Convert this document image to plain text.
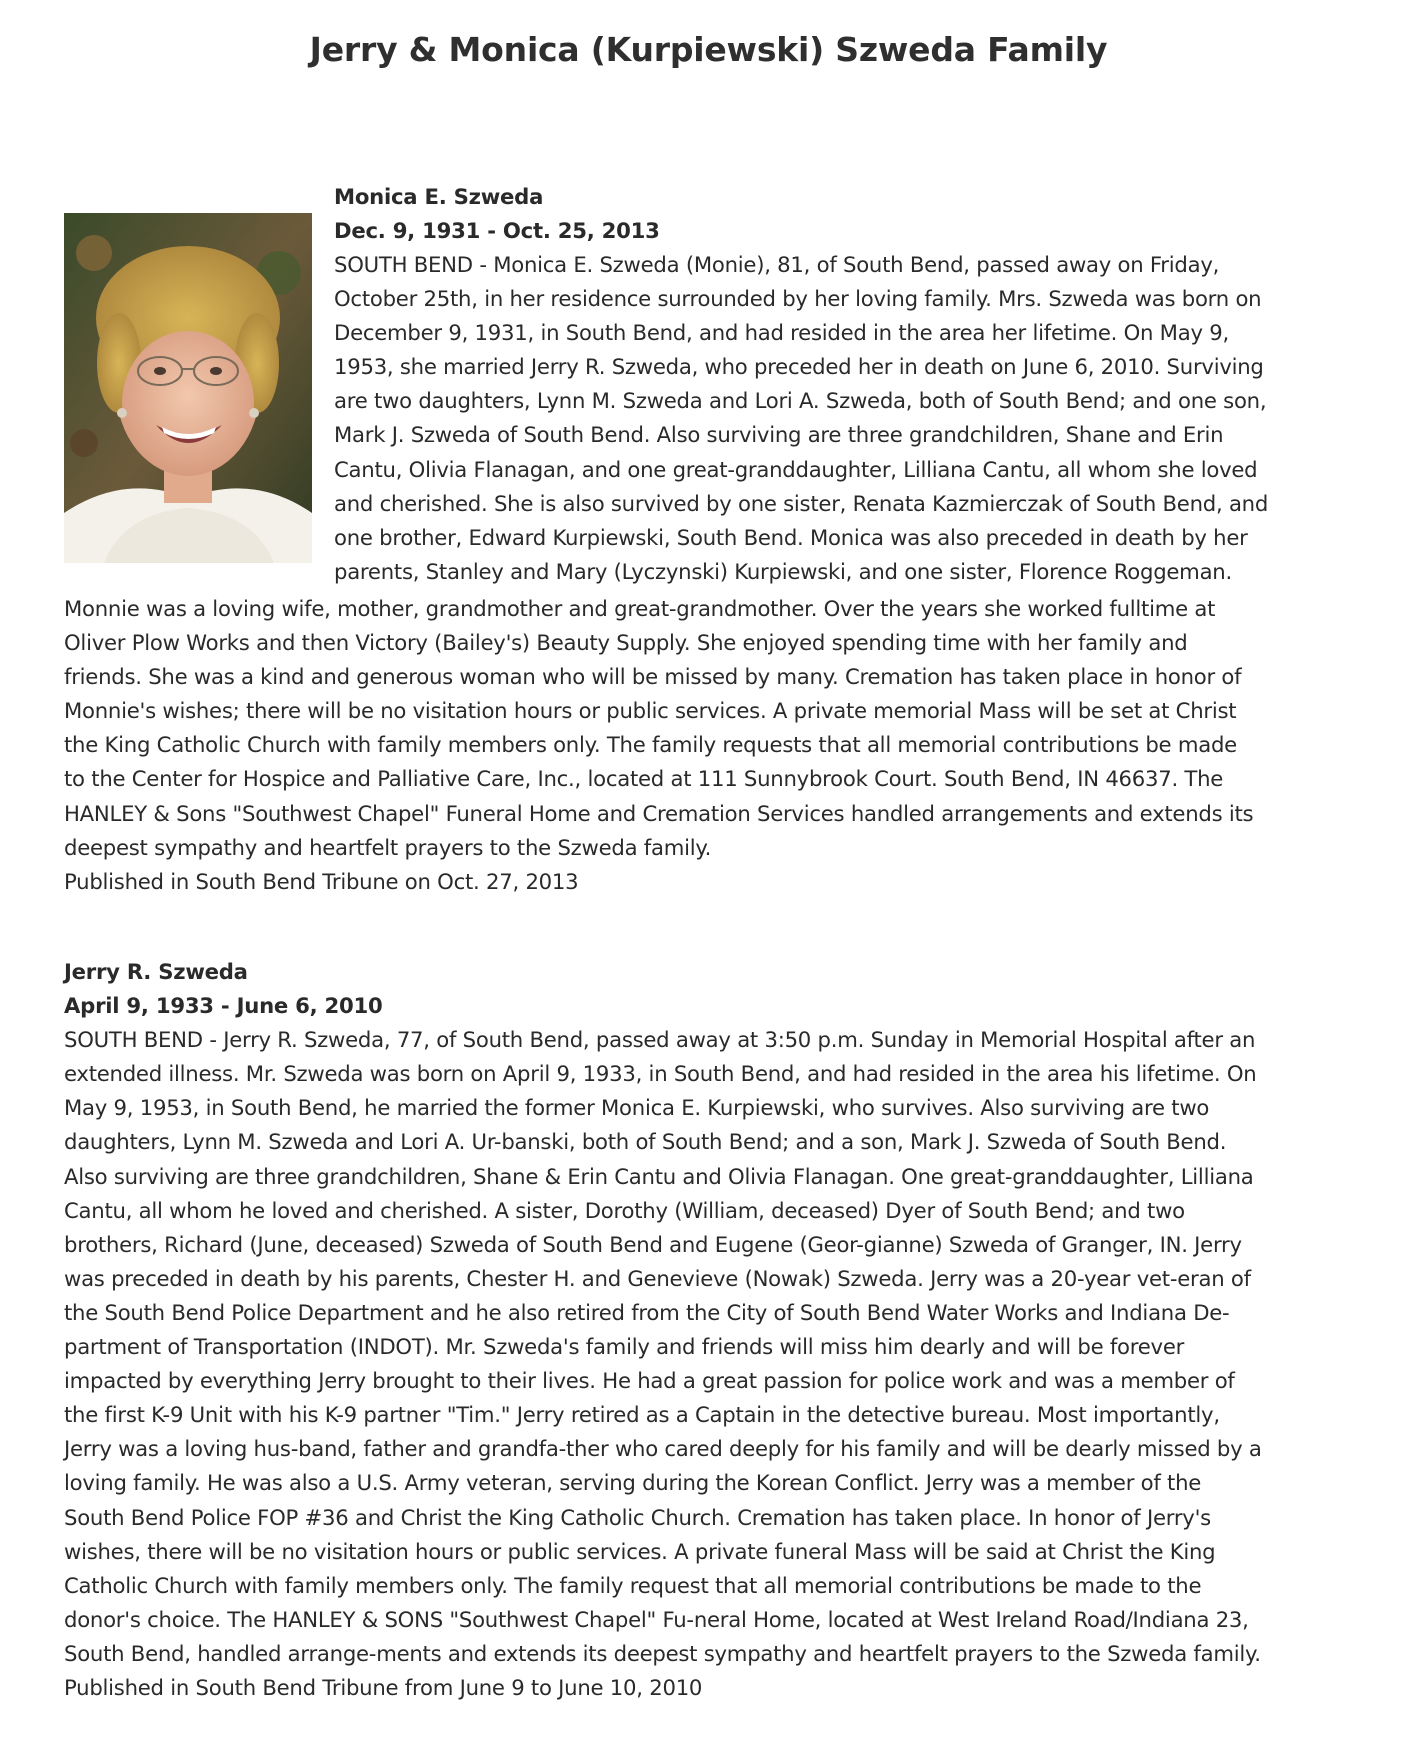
Jerry & Monica (Kurpiewski) Szweda Family
Monica E. Szweda
Dec. 9, 1931 - Oct. 25, 2013
SOUTH BEND - Monica E. Szweda (Monie), 81, of South Bend, passed away on Friday,
October 25th, in her residence surrounded by her loving family. Mrs. Szweda was born on
December 9, 1931, in South Bend, and had resided in the area her lifetime. On May 9,
1953, she married Jerry R. Szweda, who preceded her in death on June 6, 2010. Surviving
are two daughters, Lynn M. Szweda and Lori A. Szweda, both of South Bend; and one son,
Mark J. Szweda of South Bend. Also surviving are three grandchildren, Shane and Erin
Cantu, Olivia Flanagan, and one great-granddaughter, Lilliana Cantu, all whom she loved
and cherished. She is also survived by one sister, Renata Kazmierczak of South Bend, and
one brother, Edward Kurpiewski, South Bend. Monica was also preceded in death by her
parents, Stanley and Mary (Lyczynski) Kurpiewski, and one sister, Florence Roggeman.
Monnie was a loving wife, mother, grandmother and great-grandmother. Over the years she worked fulltime at
Oliver Plow Works and then Victory (Bailey's) Beauty Supply. She enjoyed spending time with her family and
friends. She was a kind and generous woman who will be missed by many. Cremation has taken place in honor of
Monnie's wishes; there will be no visitation hours or public services. A private memorial Mass will be set at Christ
the King Catholic Church with family members only. The family requests that all memorial contributions be made
to the Center for Hospice and Palliative Care, Inc., located at 111 Sunnybrook Court. South Bend, IN 46637. The
HANLEY & Sons "Southwest Chapel" Funeral Home and Cremation Services handled arrangements and extends its
deepest sympathy and heartfelt prayers to the Szweda family.
Published in South Bend Tribune on Oct. 27, 2013
Jerry R. Szweda
April 9, 1933 - June 6, 2010
SOUTH BEND - Jerry R. Szweda, 77, of South Bend, passed away at 3:50 p.m. Sunday in Memorial Hospital after an
extended illness. Mr. Szweda was born on April 9, 1933, in South Bend, and had resided in the area his lifetime. On
May 9, 1953, in South Bend, he married the former Monica E. Kurpiewski, who survives. Also surviving are two
daughters, Lynn M. Szweda and Lori A. Ur-banski, both of South Bend; and a son, Mark J. Szweda of South Bend.
Also surviving are three grandchildren, Shane & Erin Cantu and Olivia Flanagan. One great-granddaughter, Lilliana
Cantu, all whom he loved and cherished. A sister, Dorothy (William, deceased) Dyer of South Bend; and two
brothers, Richard (June, deceased) Szweda of South Bend and Eugene (Geor-gianne) Szweda of Granger, IN. Jerry
was preceded in death by his parents, Chester H. and Genevieve (Nowak) Szweda. Jerry was a 20-year vet-eran of
the South Bend Police Department and he also retired from the City of South Bend Water Works and Indiana De-
partment of Transportation (INDOT). Mr. Szweda's family and friends will miss him dearly and will be forever
impacted by everything Jerry brought to their lives. He had a great passion for police work and was a member of
the first K-9 Unit with his K-9 partner "Tim." Jerry retired as a Captain in the detective bureau. Most importantly,
Jerry was a loving hus-band, father and grandfa-ther who cared deeply for his family and will be dearly missed by a
loving family. He was also a U.S. Army veteran, serving during the Korean Conflict. Jerry was a member of the
South Bend Police FOP #36 and Christ the King Catholic Church. Cremation has taken place. In honor of Jerry's
wishes, there will be no visitation hours or public services. A private funeral Mass will be said at Christ the King
Catholic Church with family members only. The family request that all memorial contributions be made to the
donor's choice. The HANLEY & SONS "Southwest Chapel" Fu-neral Home, located at West Ireland Road/Indiana 23,
South Bend, handled arrange-ments and extends its deepest sympathy and heartfelt prayers to the Szweda family.
Published in South Bend Tribune from June 9 to June 10, 2010
